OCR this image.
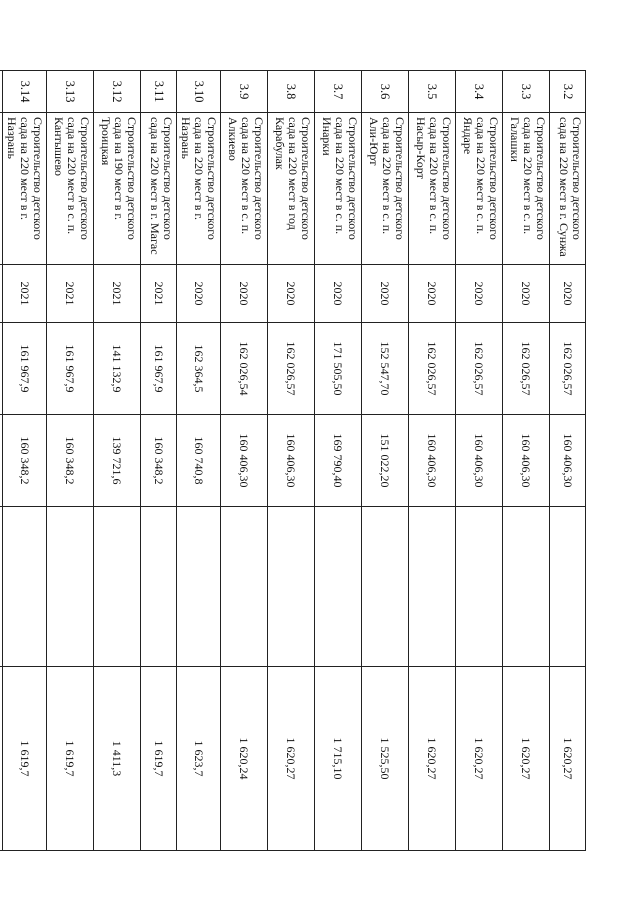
3.2	Строительство детского сада на 220 мест в г. Сунжа	2020	162 026,57	160 406,30		1 620,27
3.3	Строительство детского сада на 220 мест в с. п. Галашки	2020	162 026,57	160 406,30		1 620,27
3.4	Строительство детского сада на 220 мест в с. п. Яндаре	2020	162 026,57	160 406,30		1 620,27
3.5	Строительство детского сада на 220 мест в с. п. Насыр-Корт	2020	162 026,57	160 406,30		1 620,27
3.6	Строительство детского сада на 220 мест в с. п. Али-Юрт	2020	152 547,70	151 022,20		1 525,50
3.7	Строительство детского сада на 220 мест в с. п. Инарки	2020	171 505,50	169 790,40		1 715,10
3.8	Строительство детского сада на 220 мест в год Карабулак	2020	162 026,57	160 406,30		1 620,27
3.9	Строительство детского сада на 220 мест в с. п. Алкиево	2020	162 026,54	160 406,30		1 620,24
3.10	Строительство детского сада на 220 мест в г. Назрань	2020	162 364,5	160 740,8		1 623,7
3.11	Строительство детского сада на 220 мест в г. Магас	2021	161 967,9	160 348,2		1 619,7
3.12	Строительство детского сада на 190 мест в г. Троицкая	2021	141 132,9	139 721,6		1 411,3
3.13	Строительство детского сада на 220 мест в с. п. Кантышево	2021	161 967,9	160 348,2		1 619,7
3.14	Строительство детского сада на 220 мест в г. Назрань	2021	161 967,9	160 348,2		1 619,7
